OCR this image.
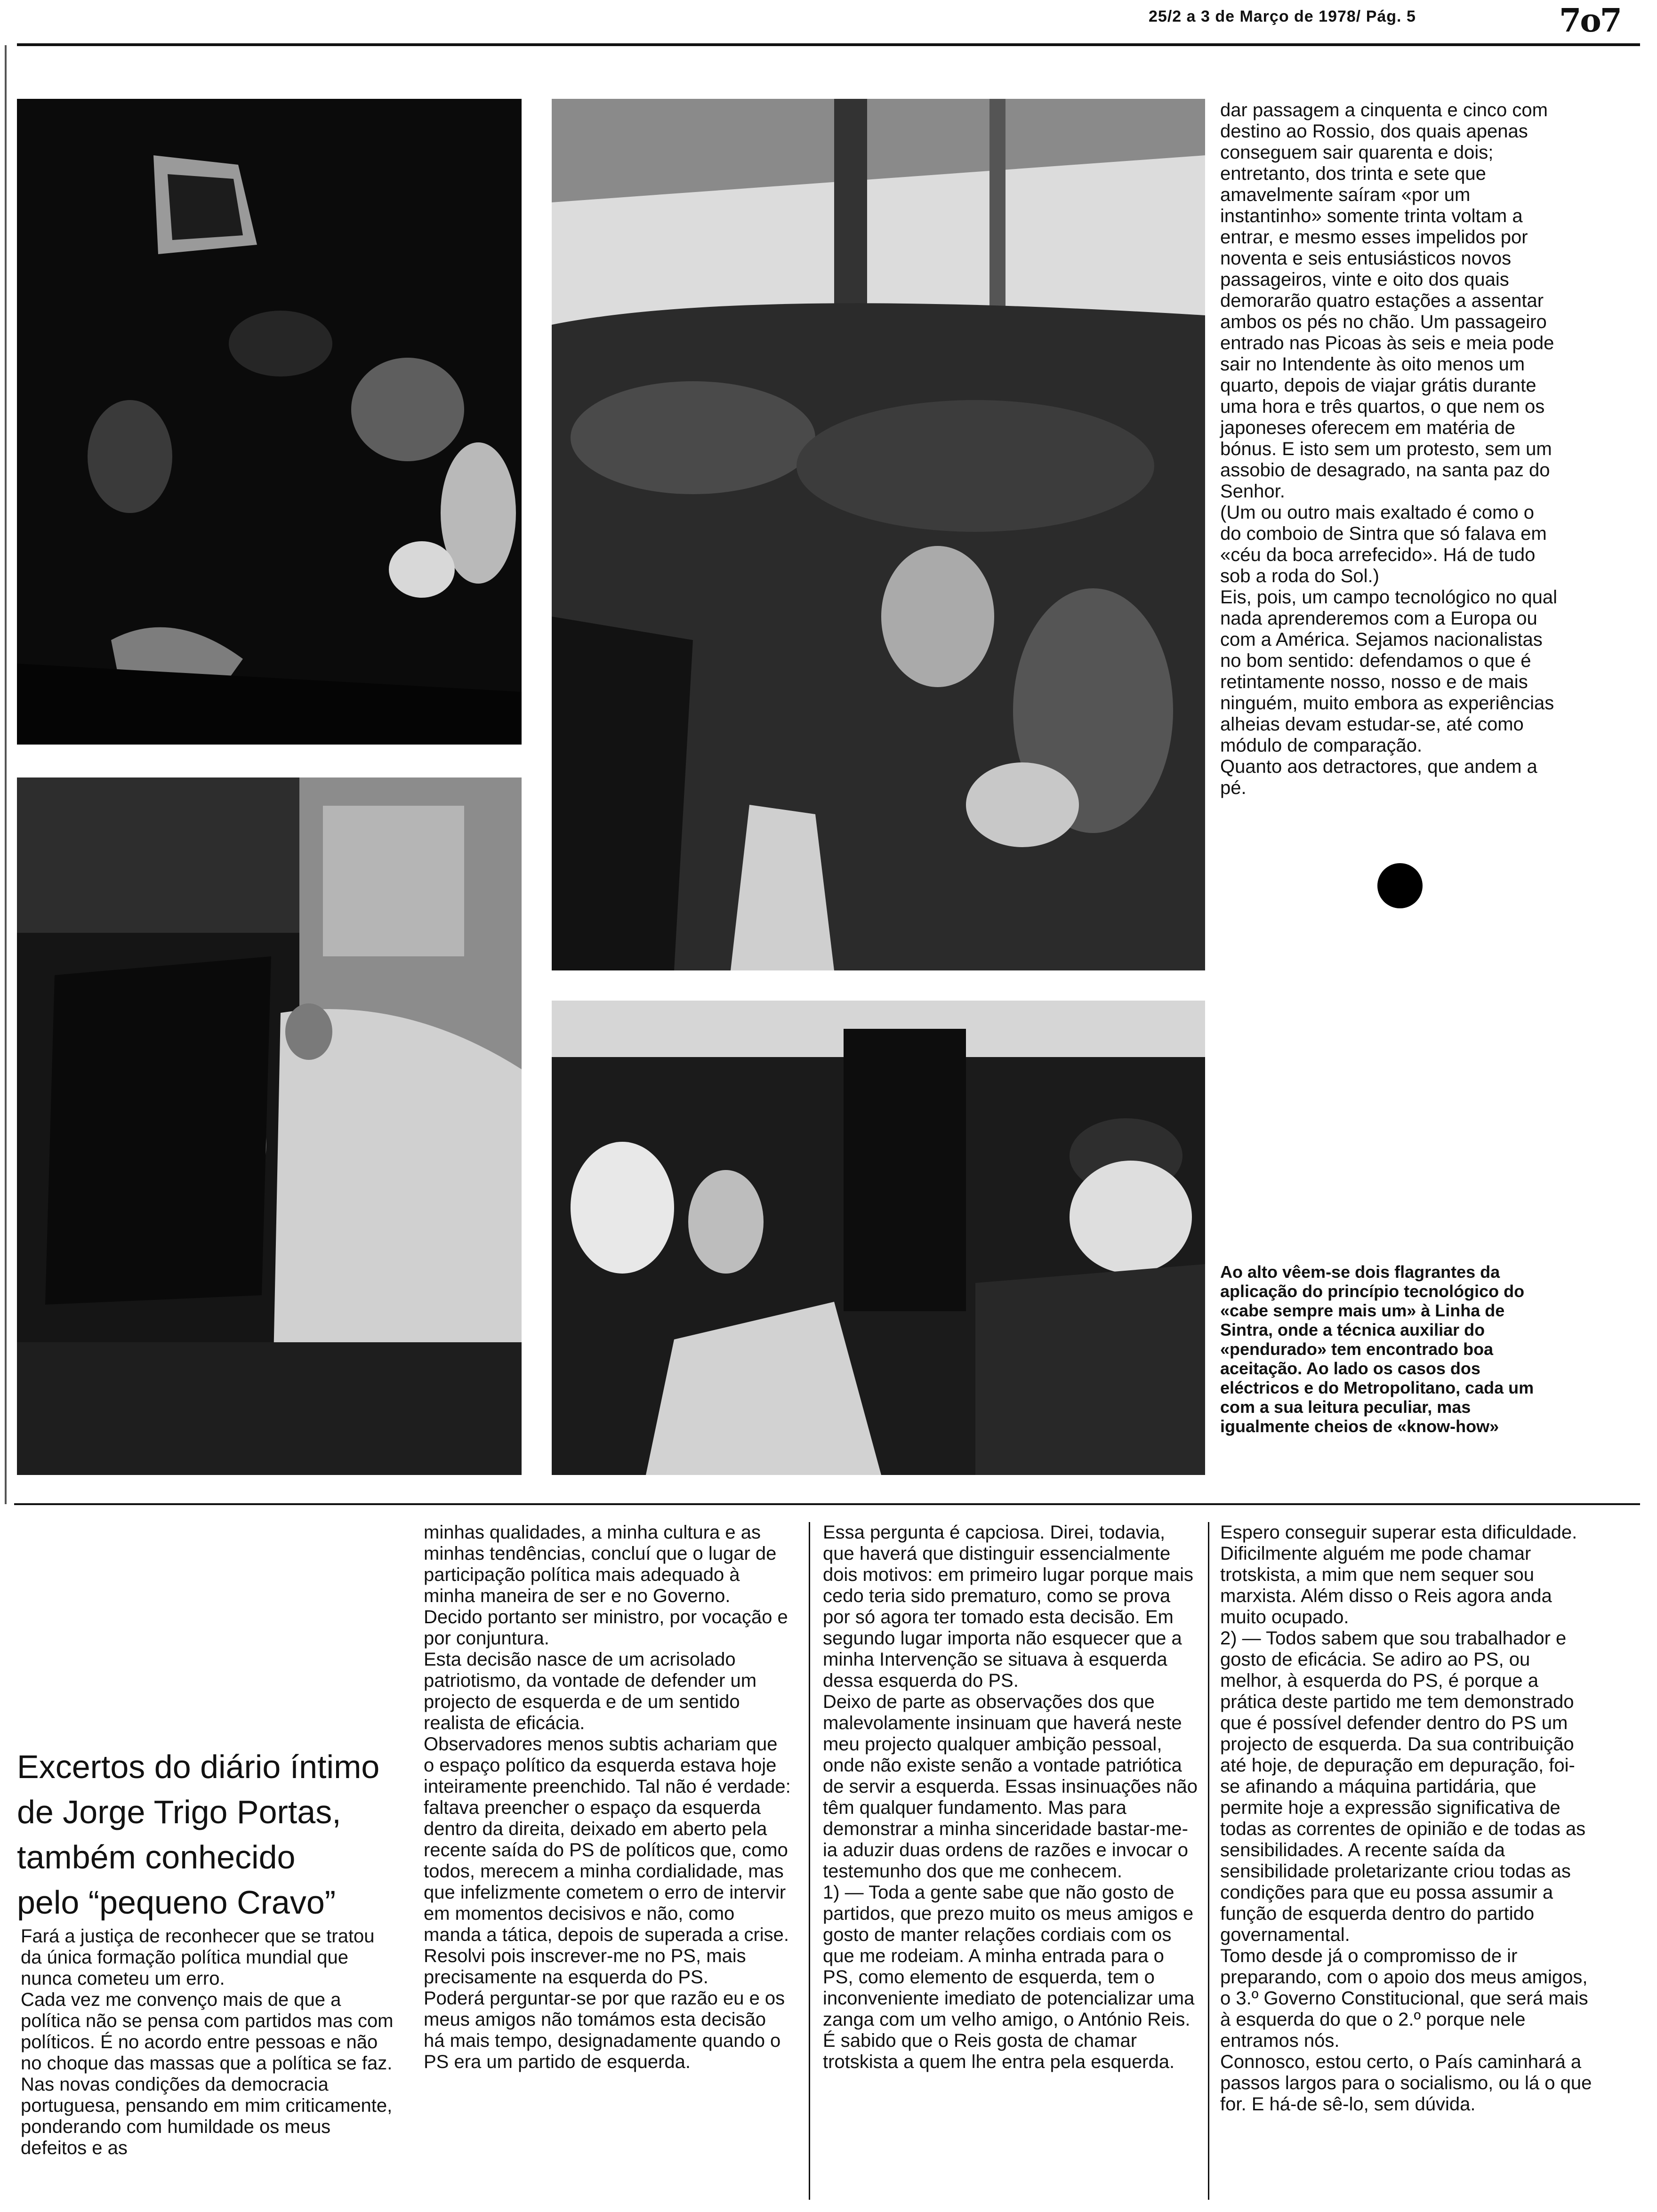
25/2 a 3 de Março de 1978/ Pág. 5	7o7

dar passagem a cinquenta e cinco com destino ao Rossio, dos quais apenas conseguem sair quarenta e dois; entretanto, dos trinta e sete que amavelmente saíram «por um instantinho» somente trinta voltam a entrar, e mesmo esses impelidos por noventa e seis entusiásticos novos passageiros, vinte e oito dos quais demorarão quatro estações a assentar ambos os pés no chão. Um passageiro entrado nas Picoas às seis e meia pode sair no Intendente às oito menos um quarto, depois de viajar grátis durante uma hora e três quartos, o que nem os japoneses oferecem em matéria de bónus. E isto sem um protesto, sem um assobio de desagrado, na santa paz do Senhor.

(Um ou outro mais exaltado é como o do comboio de Sintra que só falava em «céu da boca arrefecido». Há de tudo sob a roda do Sol.)

Eis, pois, um campo tecnológico no qual nada aprenderemos com a Europa ou com a América. Sejamos nacionalistas no bom sentido: defendamos o que é retintamente nosso, nosso e de mais ninguém, muito embora as experiências alheias devam estudar-se, até como módulo de comparação.

Quanto aos detractores, que andem a pé.

Ao alto vêem-se dois flagrantes da aplicação do princípio tecnológico do «cabe sempre mais um» à Linha de Sintra, onde a técnica auxiliar do «pendurado» tem encontrado boa aceitação. Ao lado os casos dos eléctricos e do Metropolitano, cada um com a sua leitura peculiar, mas igualmente cheios de «know-how»
Excertos do diário íntimo
de Jorge Trigo Portas,
também conhecido
pelo “pequeno Cravo”

Fará a justiça de reconhecer que se tratou da única formação política mundial que nunca cometeu um erro.

Cada vez me convenço mais de que a política não se pensa com partidos mas com políticos. É no acordo entre pessoas e não no choque das massas que a política se faz.

Nas novas condições da democracia portuguesa, pensando em mim criticamente, ponderando com humildade os meus defeitos e as

minhas qualidades, a minha cultura e as minhas tendências, concluí que o lugar de participação política mais adequado à minha maneira de ser e no Governo. Decido portanto ser ministro, por vocação e por conjuntura.

Esta decisão nasce de um acrisolado patriotismo, da vontade de defender um projecto de esquerda e de um sentido realista de eficácia.

Observadores menos subtis achariam que o espaço político da esquerda estava hoje inteiramente preenchido. Tal não é verdade: faltava preencher o espaço da esquerda dentro da direita, deixado em aberto pela recente saída do PS de políticos que, como todos, merecem a minha cordialidade, mas que infelizmente cometem o erro de intervir em momentos decisivos e não, como manda a tática, depois de superada a crise. Resolvi pois inscrever-me no PS, mais precisamente na esquerda do PS.

Poderá perguntar-se por que razão eu e os meus amigos não tomámos esta decisão há mais tempo, designadamente quando o PS era um partido de esquerda.

Essa pergunta é capciosa. Direi, todavia, que haverá que distinguir essencialmente dois motivos: em primeiro lugar porque mais cedo teria sido prematuro, como se prova por só agora ter tomado esta decisão. Em segundo lugar importa não esquecer que a minha Intervenção se situava à esquerda dessa esquerda do PS.

Deixo de parte as observações dos que malevolamente insinuam que haverá neste meu projecto qualquer ambição pessoal, onde não existe senão a vontade patriótica de servir a esquerda. Essas insinuações não têm qualquer fundamento. Mas para demonstrar a minha sinceridade bastar-me-ia aduzir duas ordens de razões e invocar o testemunho dos que me conhecem.

1) — Toda a gente sabe que não gosto de partidos, que prezo muito os meus amigos e gosto de manter relações cordiais com os que me rodeiam. A minha entrada para o PS, como elemento de esquerda, tem o inconveniente imediato de potencializar uma zanga com um velho amigo, o António Reis. É sabido que o Reis gosta de chamar trotskista a quem lhe entra pela esquerda.

Espero conseguir superar esta dificuldade. Dificilmente alguém me pode chamar trotskista, a mim que nem sequer sou marxista. Além disso o Reis agora anda muito ocupado.

2) — Todos sabem que sou trabalhador e gosto de eficácia. Se adiro ao PS, ou melhor, à esquerda do PS, é porque a prática deste partido me tem demonstrado que é possível defender dentro do PS um projecto de esquerda. Da sua contribuição até hoje, de depuração em depuração, foi-se afinando a máquina partidária, que permite hoje a expressão significativa de todas as correntes de opinião e de todas as sensibilidades. A recente saída da sensibilidade proletarizante criou todas as condições para que eu possa assumir a função de esquerda dentro do partido governamental.

Tomo desde já o compromisso de ir preparando, com o apoio dos meus amigos, o 3.º Governo Constitucional, que será mais à esquerda do que o 2.º porque nele entramos nós.

Connosco, estou certo, o País caminhará a passos largos para o socialismo, ou lá o que for. E há-de sê-lo, sem dúvida.
